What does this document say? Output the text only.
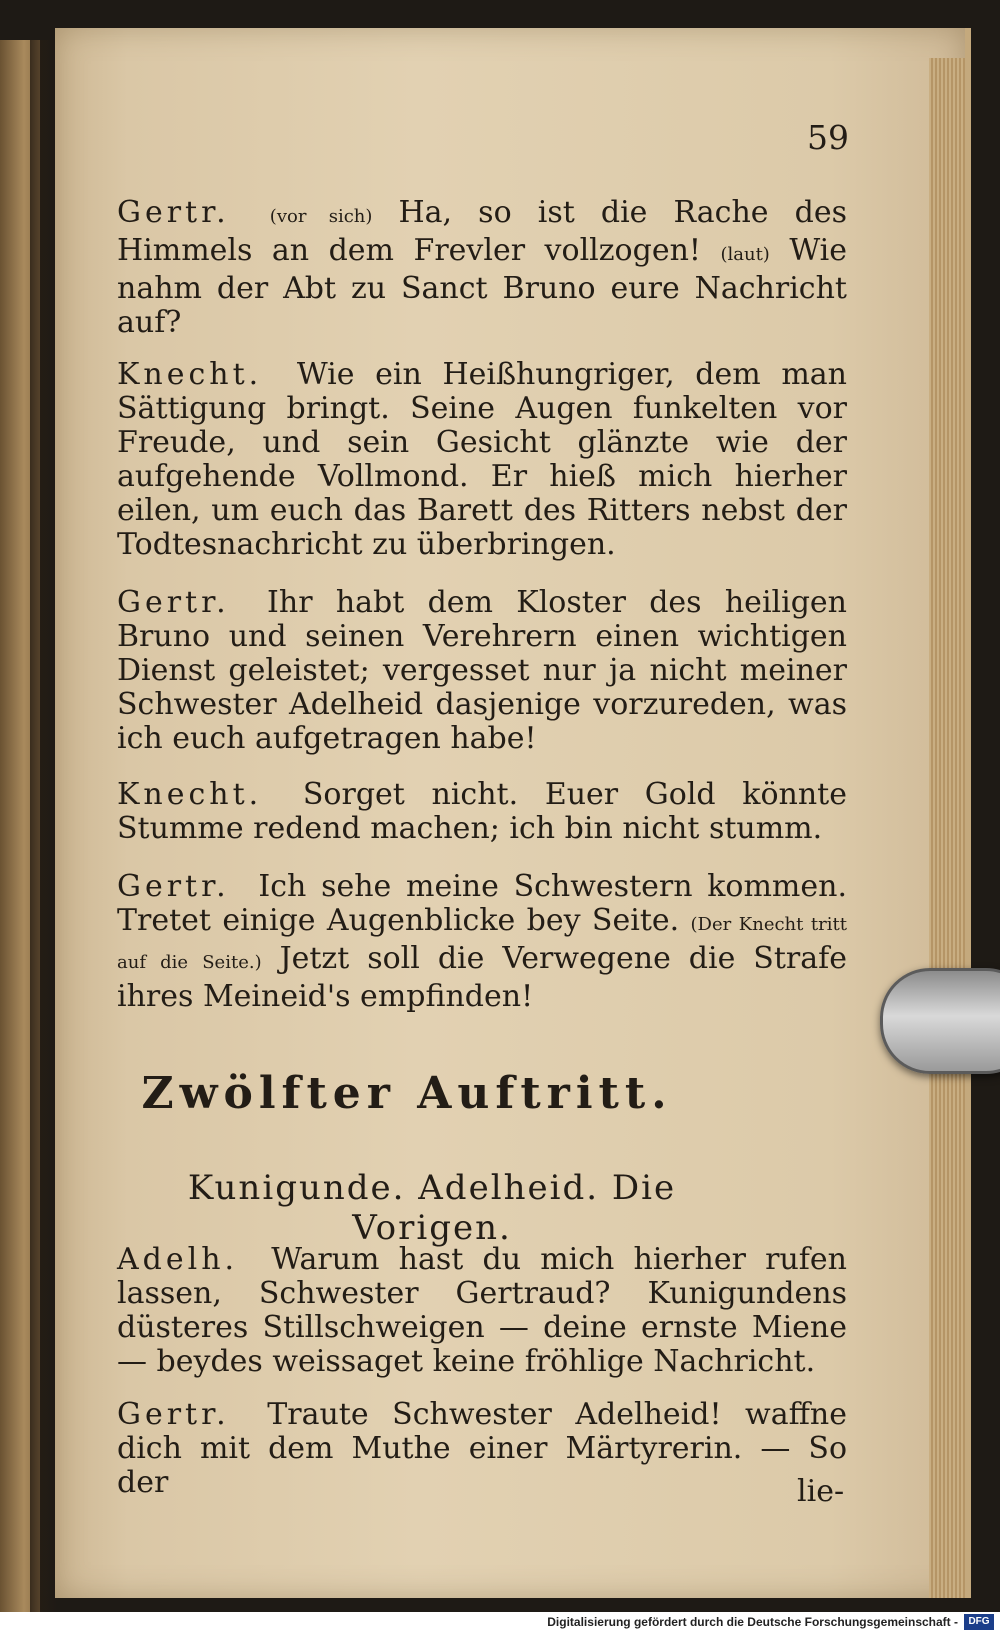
59

Gertr. (vor sich) Ha, so ist die Rache des Himmels an dem Frevler vollzogen! (laut) Wie nahm der Abt zu Sanct Bruno eure Nachricht auf?

Knecht. Wie ein Heißhungriger, dem man Sättigung bringt. Seine Augen funkelten vor Freude, und sein Gesicht glänzte wie der aufgehende Vollmond. Er hieß mich hierher eilen, um euch das Barett des Ritters nebst der Todtesnachricht zu überbringen.

Gertr. Ihr habt dem Kloster des heiligen Bruno und seinen Verehrern einen wichtigen Dienst geleistet; vergesset nur ja nicht meiner Schwester Adelheid dasjenige vorzureden, was ich euch aufgetragen habe!

Knecht. Sorget nicht. Euer Gold könnte Stumme redend machen; ich bin nicht stumm.

Gertr. Ich sehe meine Schwestern kommen. Tretet einige Augenblicke bey Seite. (Der Knecht tritt auf die Seite.) Jetzt soll die Verwegene die Strafe ihres Meineid's empfinden!

Zwölfter Auftritt.
Kunigunde. Adelheid. Die Vorigen.

Adelh. Warum hast du mich hierher rufen lassen, Schwester Gertraud? Kunigundens düsteres Stillschweigen — deine ernste Miene — beydes weissaget keine fröhlige Nachricht.

Gertr. Traute Schwester Adelheid! waffne dich mit dem Muthe einer Märtyrerin. — So der	lie-
Digitalisierung gefördert durch die Deutsche Forschungsgemeinschaft -	DFG
